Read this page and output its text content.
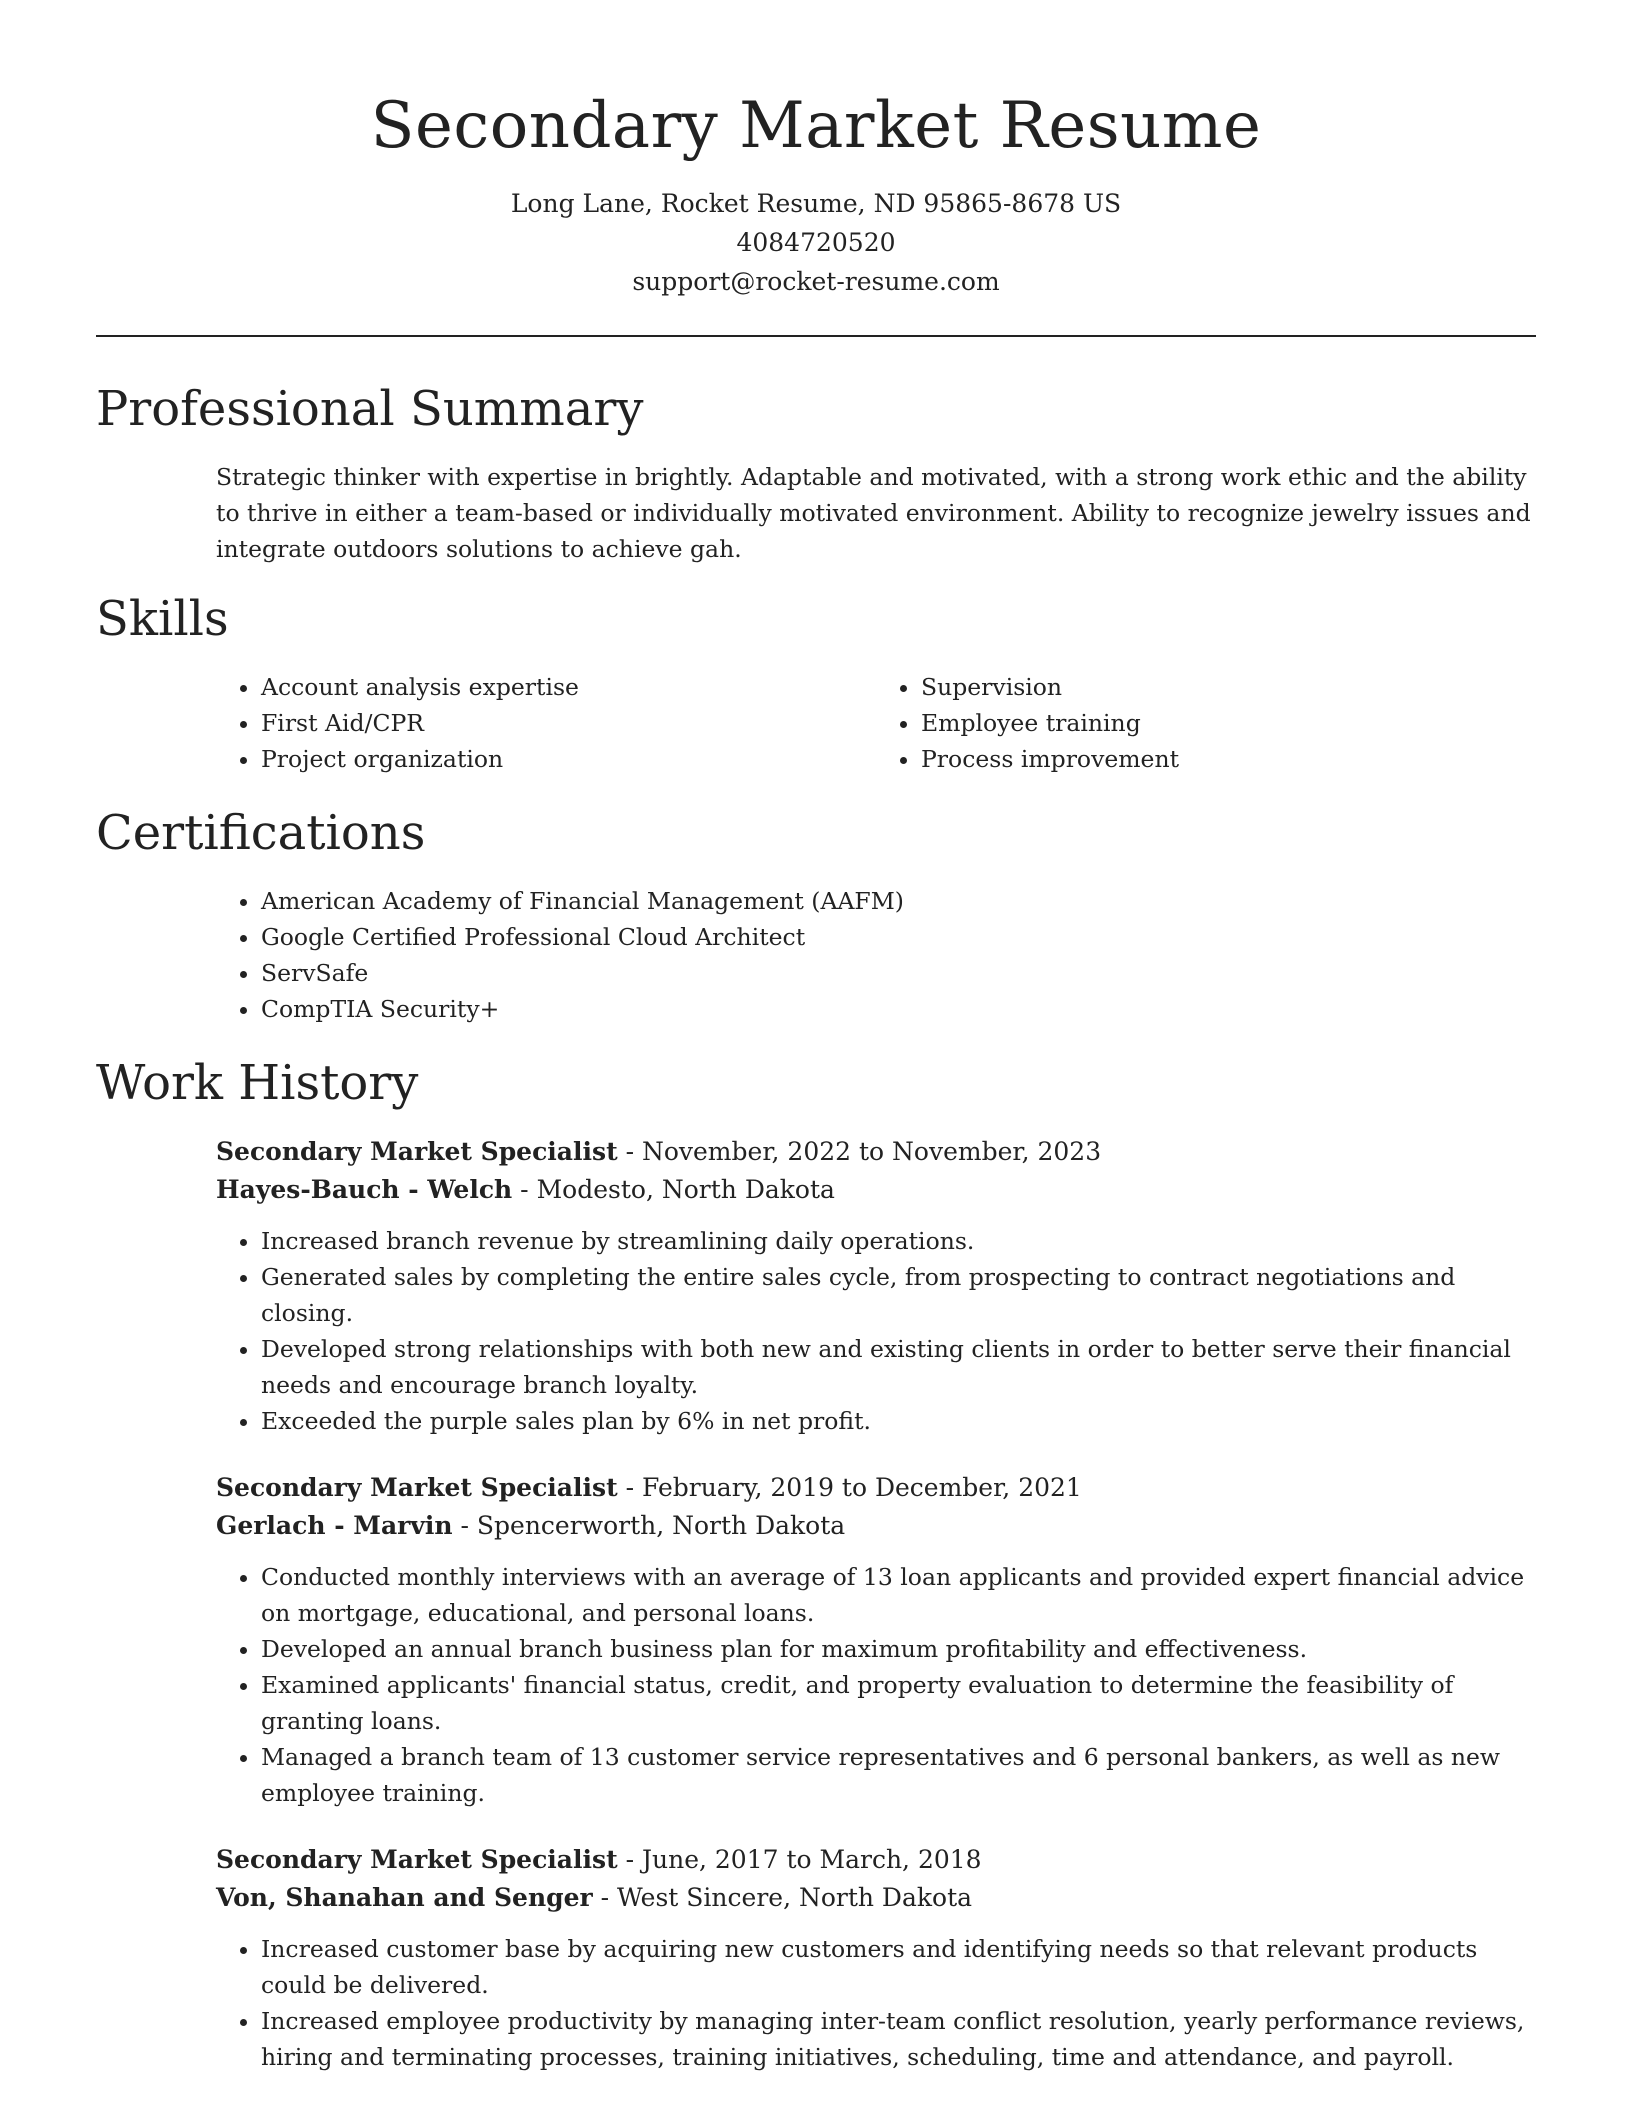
Secondary Market Resume
Long Lane, Rocket Resume, ND 95865-8678 US
4084720520
support@rocket-resume.com
Professional Summary

Strategic thinker with expertise in brightly. Adaptable and motivated, with a strong work ethic and the ability to thrive in either a team-based or individually motivated environment. Ability to recognize jewelry issues and integrate outdoors solutions to achieve gah.

Skills
• Account analysis expertise
• First Aid/CPR
• Project organization
• Supervision
• Employee training
• Process improvement
Certifications
• American Academy of Financial Management (AAFM)
• Google Certified Professional Cloud Architect
• ServSafe
• CompTIA Security+
Work History
Secondary Market Specialist - November, 2022 to November, 2023
Hayes-Bauch - Welch - Modesto, North Dakota
• Increased branch revenue by streamlining daily operations.
• Generated sales by completing the entire sales cycle, from prospecting to contract negotiations and closing.
• Developed strong relationships with both new and existing clients in order to better serve their financial needs and encourage branch loyalty.
• Exceeded the purple sales plan by 6% in net profit.
Secondary Market Specialist - February, 2019 to December, 2021
Gerlach - Marvin - Spencerworth, North Dakota
• Conducted monthly interviews with an average of 13 loan applicants and provided expert financial advice on mortgage, educational, and personal loans.
• Developed an annual branch business plan for maximum profitability and effectiveness.
• Examined applicants' financial status, credit, and property evaluation to determine the feasibility of granting loans.
• Managed a branch team of 13 customer service representatives and 6 personal bankers, as well as new employee training.
Secondary Market Specialist - June, 2017 to March, 2018
Von, Shanahan and Senger - West Sincere, North Dakota
• Increased customer base by acquiring new customers and identifying needs so that relevant products could be delivered.
• Increased employee productivity by managing inter-team conflict resolution, yearly performance reviews, hiring and terminating processes, training initiatives, scheduling, time and attendance, and payroll.
